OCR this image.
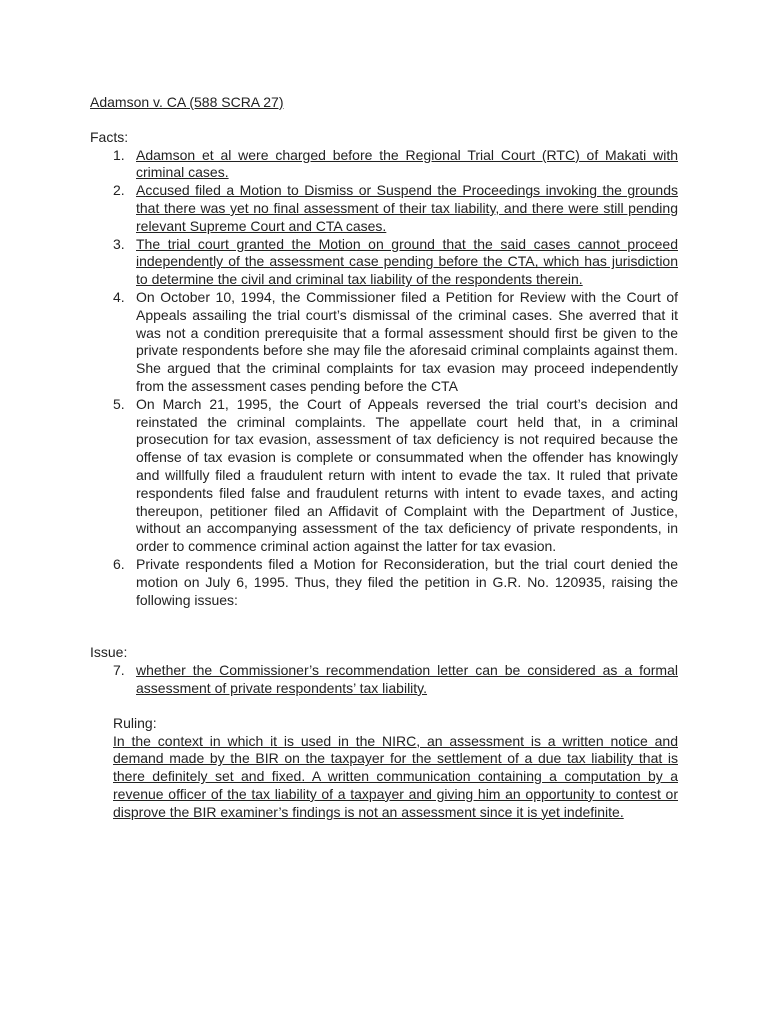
Adamson v. CA (588 SCRA 27)

Facts:

1. Adamson et al were charged before the Regional Trial Court (RTC) of Makati with criminal cases.
2. Accused filed a Motion to Dismiss or Suspend the Proceedings invoking the grounds that there was yet no final assessment of their tax liability, and there were still pending relevant Supreme Court and CTA cases.
3. The trial court granted the Motion on ground that the said cases cannot proceed independently of the assessment case pending before the CTA, which has jurisdiction to determine the civil and criminal tax liability of the respondents therein.
4. On October 10, 1994, the Commissioner filed a Petition for Review with the Court of Appeals assailing the trial court’s dismissal of the criminal cases. She averred that it was not a condition prerequisite that a formal assessment should first be given to the private respondents before she may file the aforesaid criminal complaints against them. She argued that the criminal complaints for tax evasion may proceed independently from the assessment cases pending before the CTA
5. On March 21, 1995, the Court of Appeals reversed the trial court’s decision and reinstated the criminal complaints. The appellate court held that, in a criminal prosecution for tax evasion, assessment of tax deficiency is not required because the offense of tax evasion is complete or consummated when the offender has knowingly and willfully filed a fraudulent return with intent to evade the tax. It ruled that private respondents filed false and fraudulent returns with intent to evade taxes, and acting thereupon, petitioner filed an Affidavit of Complaint with the Department of Justice, without an accompanying assessment of the tax deficiency of private respondents, in order to commence criminal action against the latter for tax evasion.
6. Private respondents filed a Motion for Reconsideration, but the trial court denied the motion on July 6, 1995. Thus, they filed the petition in G.R. No. 120935, raising the following issues:

Issue:

7. whether the Commissioner’s recommendation letter can be considered as a formal assessment of private respondents’ tax liability.

Ruling:

In the context in which it is used in the NIRC, an assessment is a written notice and demand made by the BIR on the taxpayer for the settlement of a due tax liability that is there definitely set and fixed. A written communication containing a computation by a revenue officer of the tax liability of a taxpayer and giving him an opportunity to contest or disprove the BIR examiner’s findings is not an assessment since it is yet indefinite.
